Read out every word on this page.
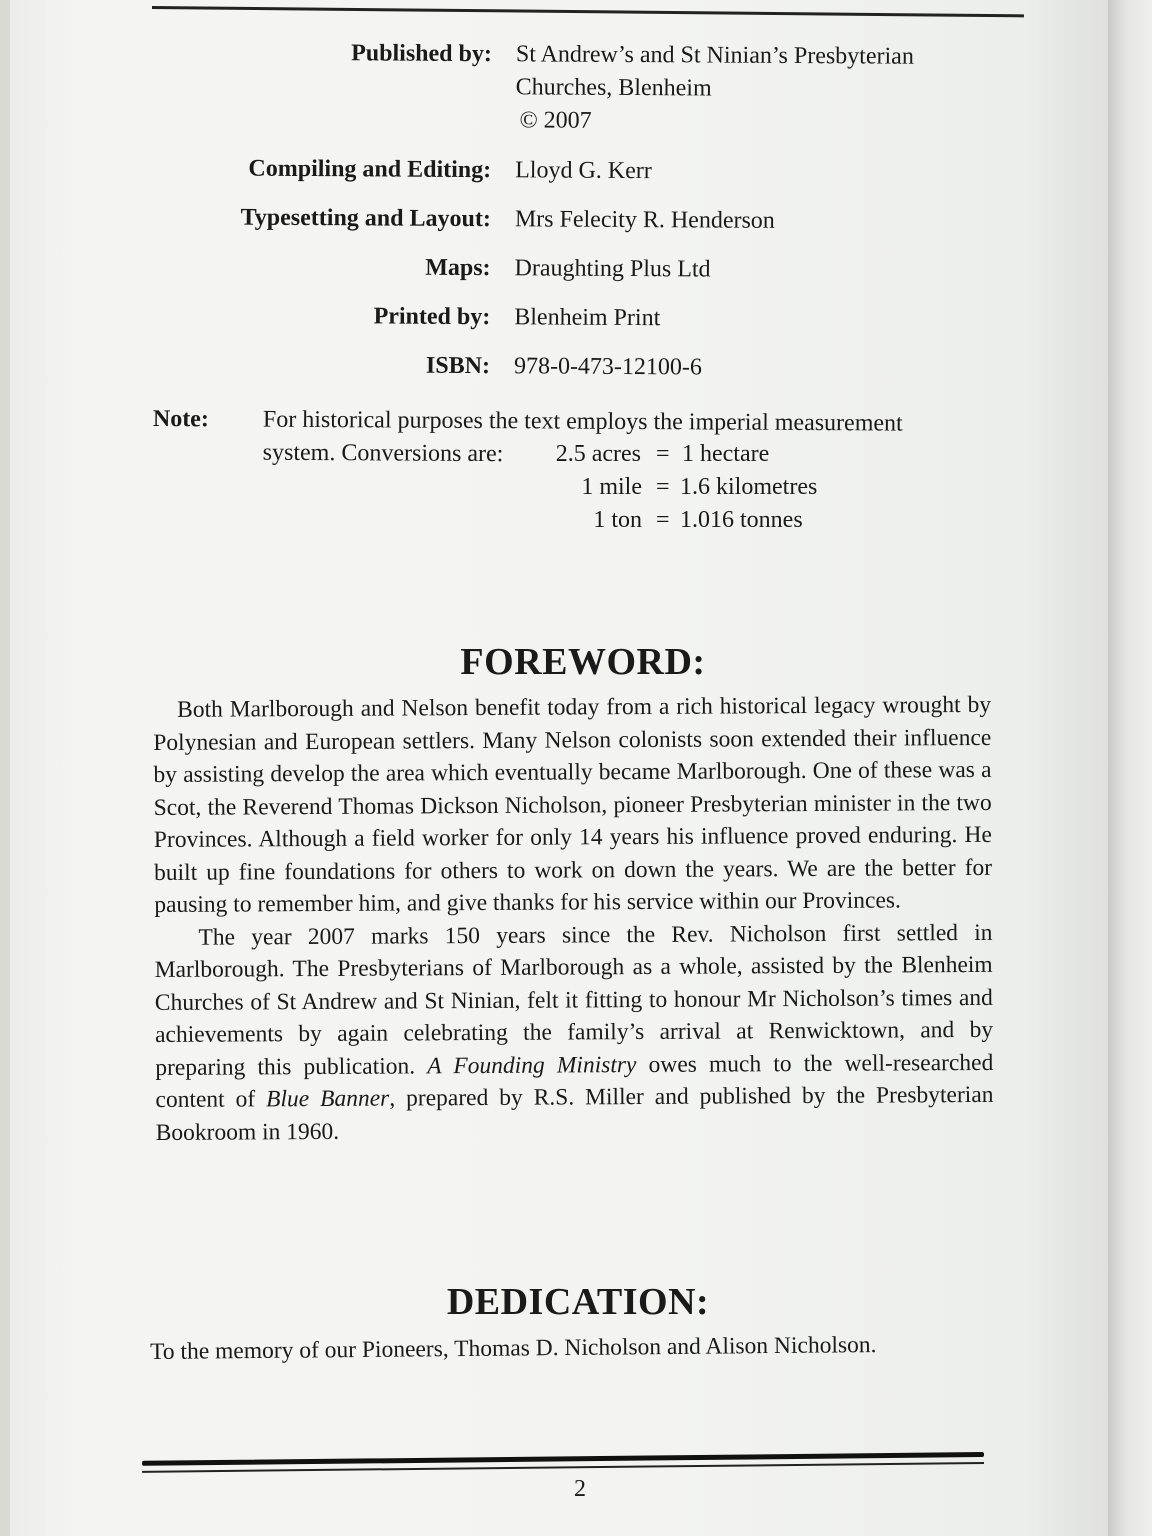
Published by: St Andrew’s and St Ninian’s Presbyterian
Churches, Blenheim
© 2007
Compiling and Editing: Lloyd G. Kerr
Typesetting and Layout: Mrs Felecity R. Henderson
Maps: Draughting Plus Ltd
Printed by: Blenheim Print
ISBN: 978-0-473-12100-6
Note: For historical purposes the text employs the imperial measurement
system. Conversions are:	2.5 acres = 1 hectare
1 mile = 1.6 kilometres
1 ton = 1.016 tonnes
FOREWORD:

Both Marlborough and Nelson benefit today from a rich historical legacy wrought by Polynesian and European settlers. Many Nelson colonists soon extended their influence by assisting develop the area which eventually became Marlborough. One of these was a Scot, the Reverend Thomas Dickson Nicholson, pioneer Presbyterian minister in the two Provinces. Although a field worker for only 14 years his influence proved enduring. He built up fine foundations for others to work on down the years. We are the better for pausing to remember him, and give thanks for his service within our Provinces.

The year 2007 marks 150 years since the Rev. Nicholson first settled in Marlborough. The Presbyterians of Marlborough as a whole, assisted by the Blenheim Churches of St Andrew and St Ninian, felt it fitting to honour Mr Nicholson’s times and achievements by again celebrating the family’s arrival at Renwicktown, and by preparing this publication. A Founding Ministry owes much to the well-researched content of Blue Banner, prepared by R.S. Miller and published by the Presbyterian Bookroom in 1960.

DEDICATION:
To the memory of our Pioneers, Thomas D. Nicholson and Alison Nicholson.
2
